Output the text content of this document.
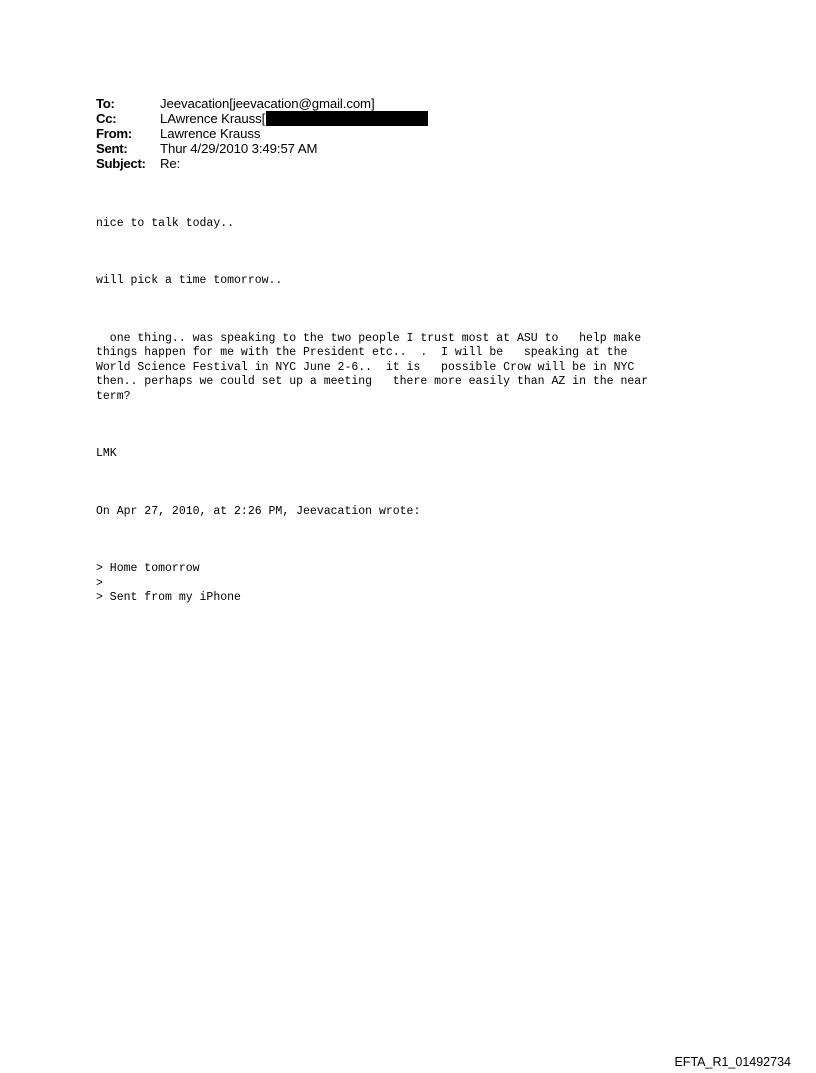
To:	Jeevacation[jeevacation@gmail.com]
Cc:	LAwrence Krauss[
From:	Lawrence Krauss
Sent:	Thur 4/29/2010 3:49:57 AM
Subject:	Re:

nice to talk today..

will pick a time tomorrow..

one thing.. was speaking to the two people I trust most at ASU to   help make
things happen for me with the President etc..  .  I will be   speaking at the
World Science Festival in NYC June 2-6..  it is   possible Crow will be in NYC
then.. perhaps we could set up a meeting   there more easily than AZ in the near
term?

LMK

On Apr 27, 2010, at 2:26 PM, Jeevacation wrote:

> Home tomorrow
>
> Sent from my iPhone

EFTA_R1_01492734
